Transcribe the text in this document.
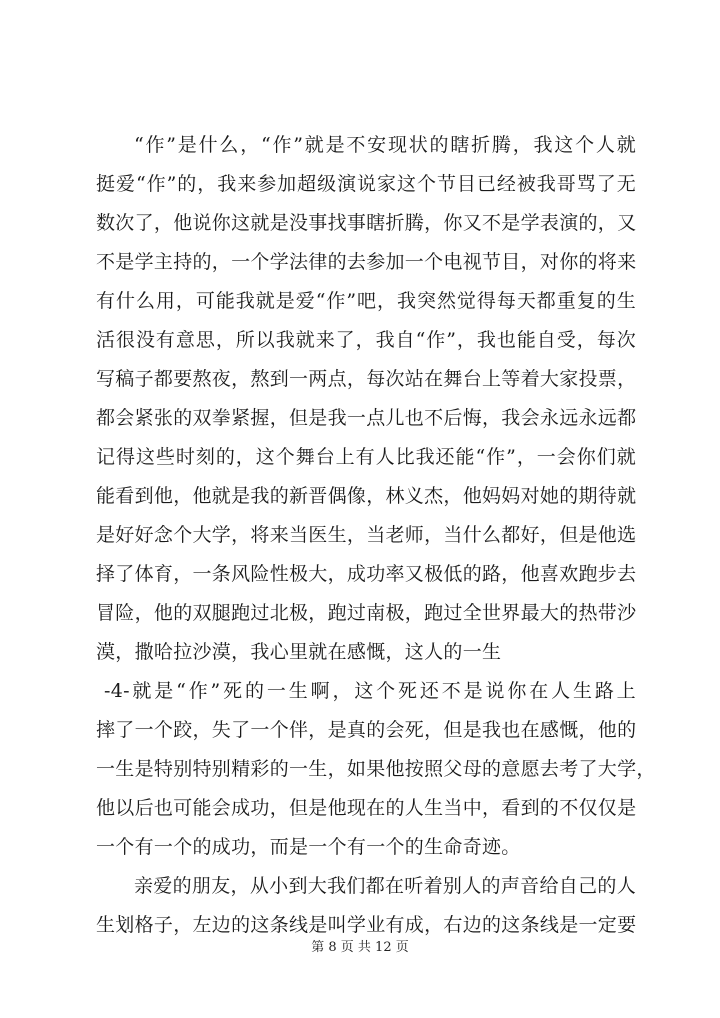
“作”是什么，“作”就是不安现状的瞎折腾，我这个人就
挺爱“作”的，我来参加超级演说家这个节目已经被我哥骂了无
数次了，他说你这就是没事找事瞎折腾，你又不是学表演的，又
不是学主持的，一个学法律的去参加一个电视节目，对你的将来
有什么用，可能我就是爱“作”吧，我突然觉得每天都重复的生
活很没有意思，所以我就来了，我自“作”，我也能自受，每次
写稿子都要熬夜，熬到一两点，每次站在舞台上等着大家投票，
都会紧张的双拳紧握，但是我一点儿也不后悔，我会永远永远都
记得这些时刻的，这个舞台上有人比我还能“作”，一会你们就
能看到他，他就是我的新晋偶像，林义杰，他妈妈对她的期待就
是好好念个大学，将来当医生，当老师，当什么都好，但是他选
择了体育，一条风险性极大，成功率又极低的路，他喜欢跑步去
冒险，他的双腿跑过北极，跑过南极，跑过全世界最大的热带沙
漠，撒哈拉沙漠，我心里就在感慨，这人的一生
-4-就是“作”死的一生啊，这个死还不是说你在人生路上
摔了一个跤，失了一个伴，是真的会死，但是我也在感慨，他的
一生是特别特别精彩的一生，如果他按照父母的意愿去考了大学，
他以后也可能会成功，但是他现在的人生当中，看到的不仅仅是
一个有一个的成功，而是一个有一个的生命奇迹。
亲爱的朋友，从小到大我们都在听着别人的声音给自己的人
生划格子，左边的这条线是叫学业有成，右边的这条线是一定要
第 8 页 共 12 页
